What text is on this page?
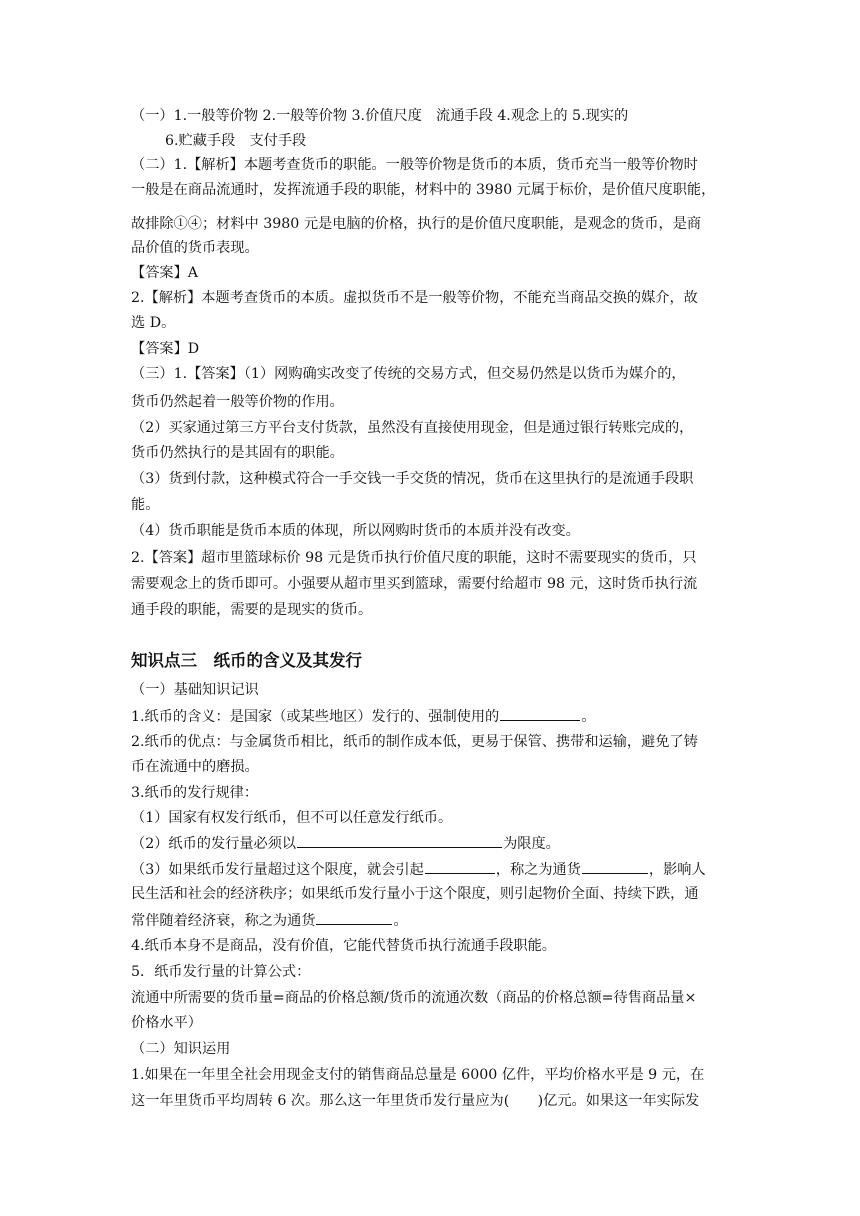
（一）1.一般等价物 2.一般等价物 3.价值尺度　流通手段 4.观念上的 5.现实的
6.贮藏手段　支付手段
（二）1.【解析】本题考查货币的职能。一般等价物是货币的本质，货币充当一般等价物时
一般是在商品流通时，发挥流通手段的职能，材料中的 3980 元属于标价，是价值尺度职能，
故排除①④；材料中 3980 元是电脑的价格，执行的是价值尺度职能，是观念的货币，是商
品价值的货币表现。
【答案】A
2.【解析】本题考查货币的本质。虚拟货币不是一般等价物，不能充当商品交换的媒介，故
选 D。
【答案】D
（三）1.【答案】（1）网购确实改变了传统的交易方式，但交易仍然是以货币为媒介的，
货币仍然起着一般等价物的作用。
（2）买家通过第三方平台支付货款，虽然没有直接使用现金，但是通过银行转账完成的，
货币仍然执行的是其固有的职能。
（3）货到付款，这种模式符合一手交钱一手交货的情况，货币在这里执行的是流通手段职
能。
（4）货币职能是货币本质的体现，所以网购时货币的本质并没有改变。
2.【答案】超市里篮球标价 98 元是货币执行价值尺度的职能，这时不需要现实的货币，只
需要观念上的货币即可。小强要从超市里买到篮球，需要付给超市 98 元，这时货币执行流
通手段的职能，需要的是现实的货币。
知识点三　纸币的含义及其发行
（一）基础知识记识
1.纸币的含义：是国家（或某些地区）发行的、强制使用的	。
2.纸币的优点：与金属货币相比，纸币的制作成本低，更易于保管、携带和运输，避免了铸
币在流通中的磨损。
3.纸币的发行规律：
（1）国家有权发行纸币，但不可以任意发行纸币。
（2）纸币的发行量必须以	为限度。
（3）如果纸币发行量超过这个限度，就会引起	，称之为通货	，影响人
民生活和社会的经济秩序；如果纸币发行量小于这个限度，则引起物价全面、持续下跌，通
常伴随着经济衰，称之为通货	。
4.纸币本身不是商品，没有价值，它能代替货币执行流通手段职能。
5．纸币发行量的计算公式：
流通中所需要的货币量=商品的价格总额/货币的流通次数（商品的价格总额=待售商品量×
价格水平）
（二）知识运用
1.如果在一年里全社会用现金支付的销售商品总量是 6000 亿件，平均价格水平是 9 元，在
这一年里货币平均周转 6 次。那么这一年里货币发行量应为(　　)亿元。如果这一年实际发
